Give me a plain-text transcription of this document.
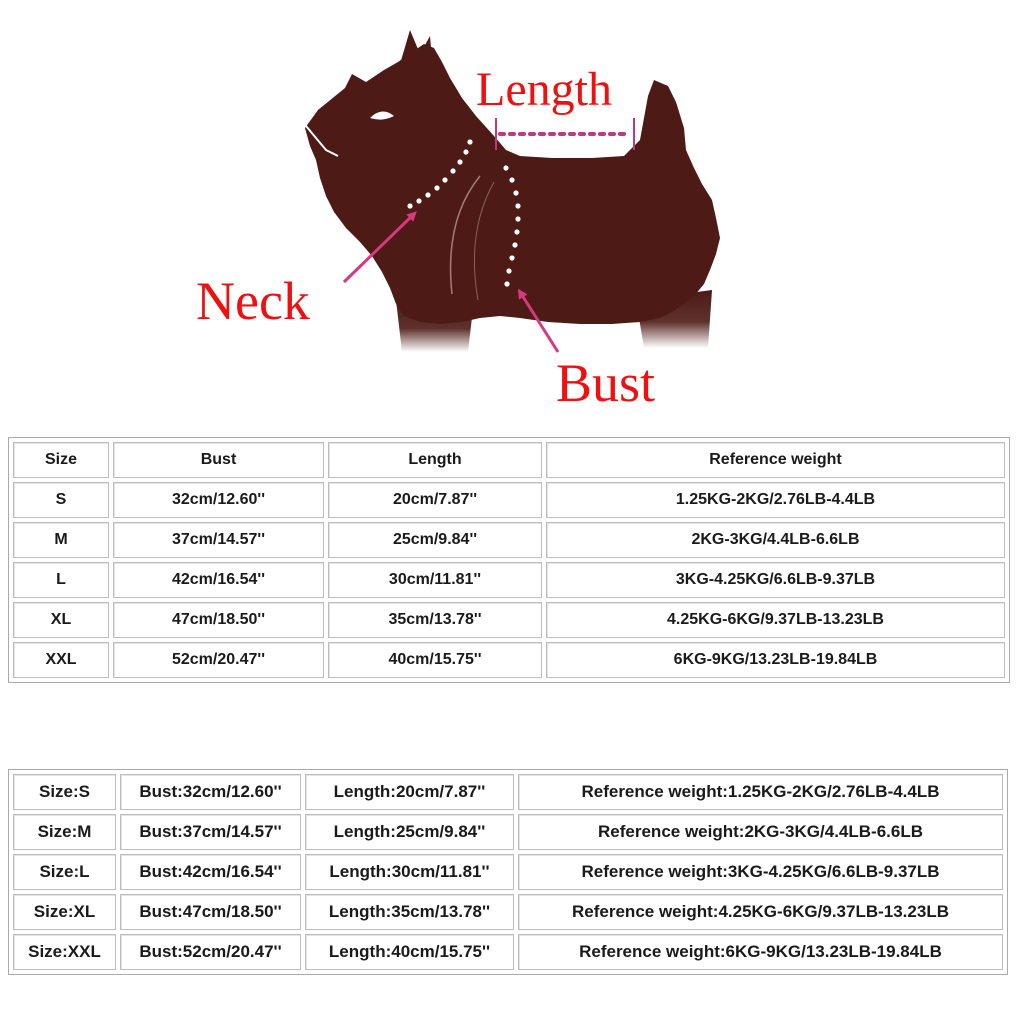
Length
Neck
Bust
Size	Bust	Length	Reference weight
S	32cm/12.60''	20cm/7.87''	1.25KG-2KG/2.76LB-4.4LB
M	37cm/14.57''	25cm/9.84''	2KG-3KG/4.4LB-6.6LB
L	42cm/16.54''	30cm/11.81''	3KG-4.25KG/6.6LB-9.37LB
XL	47cm/18.50''	35cm/13.78''	4.25KG-6KG/9.37LB-13.23LB
XXL	52cm/20.47''	40cm/15.75''	6KG-9KG/13.23LB-19.84LB
Size:S	Bust:32cm/12.60''	Length:20cm/7.87''	Reference weight:1.25KG-2KG/2.76LB-4.4LB
Size:M	Bust:37cm/14.57''	Length:25cm/9.84''	Reference weight:2KG-3KG/4.4LB-6.6LB
Size:L	Bust:42cm/16.54''	Length:30cm/11.81''	Reference weight:3KG-4.25KG/6.6LB-9.37LB
Size:XL	Bust:47cm/18.50''	Length:35cm/13.78''	Reference weight:4.25KG-6KG/9.37LB-13.23LB
Size:XXL	Bust:52cm/20.47''	Length:40cm/15.75''	Reference weight:6KG-9KG/13.23LB-19.84LB
